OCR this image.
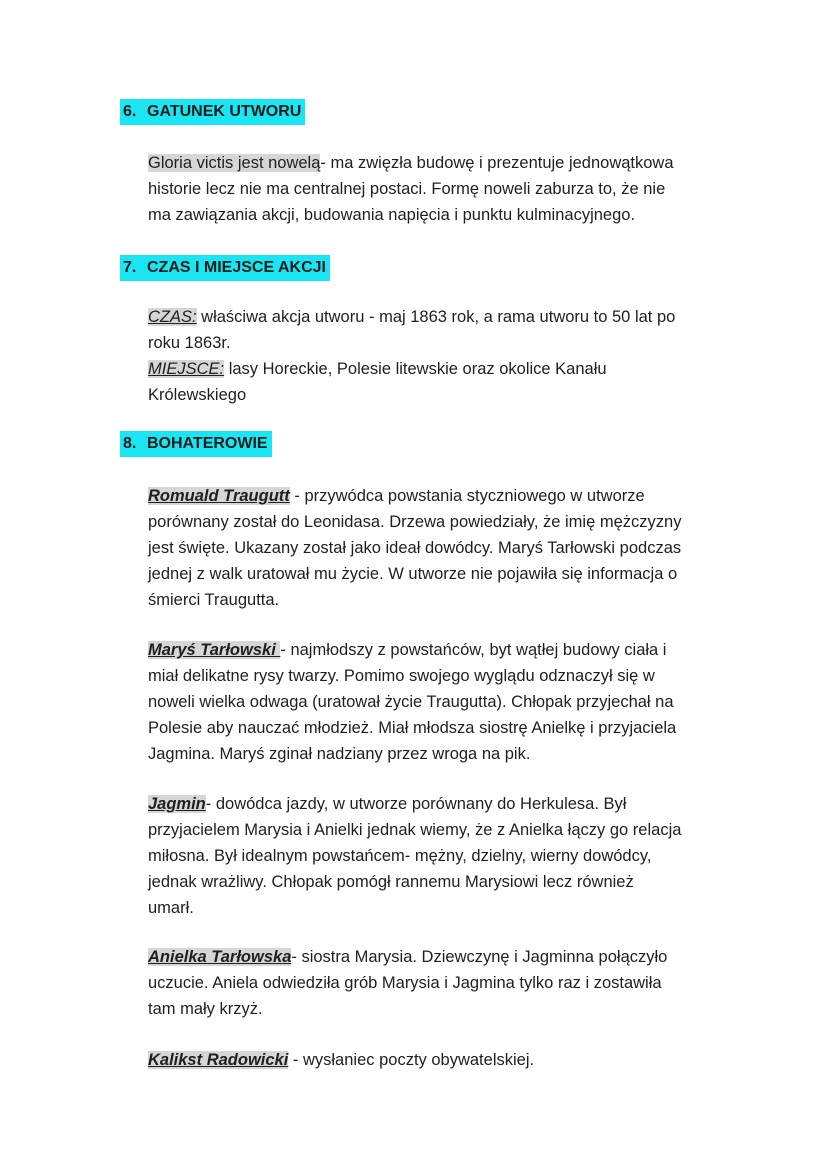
6. GATUNEK UTWORU
Gloria victis jest nowelą- ma zwięzła budowę i prezentuje jednowątkowa
historie lecz nie ma centralnej postaci. Formę noweli zaburza to, że nie
ma zawiązania akcji, budowania napięcia i punktu kulminacyjnego.
7. CZAS I MIEJSCE AKCJI
CZAS: właściwa akcja utworu - maj 1863 rok, a rama utworu to 50 lat po
roku 1863r.
MIEJSCE: lasy Horeckie, Polesie litewskie oraz okolice Kanału
Królewskiego
8. BOHATEROWIE
Romuald Traugutt - przywódca powstania styczniowego w utworze
porównany został do Leonidasa. Drzewa powiedziały, że imię mężczyzny
jest święte. Ukazany został jako ideał dowódcy. Maryś Tarłowski podczas
jednej z walk uratował mu życie. W utworze nie pojawiła się informacja o
śmierci Traugutta.
Maryś Tarłowski - najmłodszy z powstańców, byt wątłej budowy ciała i
miał delikatne rysy twarzy. Pomimo swojego wyglądu odznaczył się w
noweli wielka odwaga (uratował życie Traugutta). Chłopak przyjechał na
Polesie aby nauczać młodzież. Miał młodsza siostrę Anielkę i przyjaciela
Jagmina. Maryś zginał nadziany przez wroga na pik.
Jagmin- dowódca jazdy, w utworze porównany do Herkulesa. Był
przyjacielem Marysia i Anielki jednak wiemy, że z Anielka łączy go relacja
miłosna. Był idealnym powstańcem- mężny, dzielny, wierny dowódcy,
jednak wrażliwy. Chłopak pomógł rannemu Marysiowi lecz również
umarł.
Anielka Tarłowska- siostra Marysia. Dziewczynę i Jagminna połączyło
uczucie. Aniela odwiedziła grób Marysia i Jagmina tylko raz i zostawiła
tam mały krzyż.
Kalikst Radowicki - wysłaniec poczty obywatelskiej.
